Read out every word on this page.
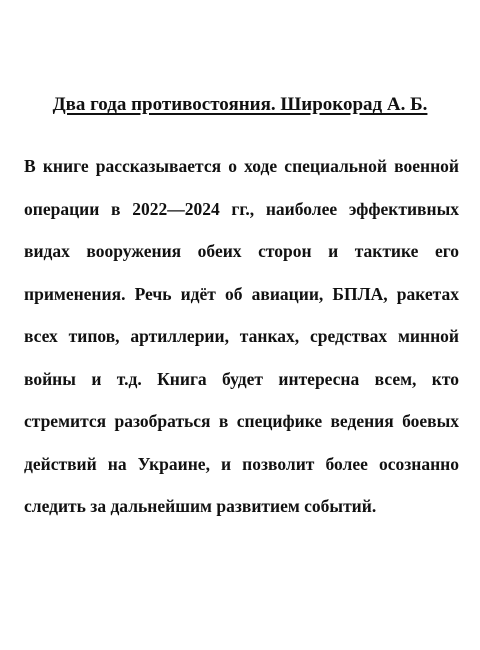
Два года противостояния. Широкорад А. Б.

В книге рассказывается о ходе специальной военной операции в 2022—2024 гг., наиболее эффективных видах вооружения обеих сторон и тактике его применения. Речь идёт об авиации, БПЛА, ракетах всех типов, артиллерии, танках, средствах минной войны и т.д. Книга будет интересна всем, кто стремится разобраться в специфике ведения боевых действий на Украине, и позволит более осознанно следить за дальнейшим развитием событий.
